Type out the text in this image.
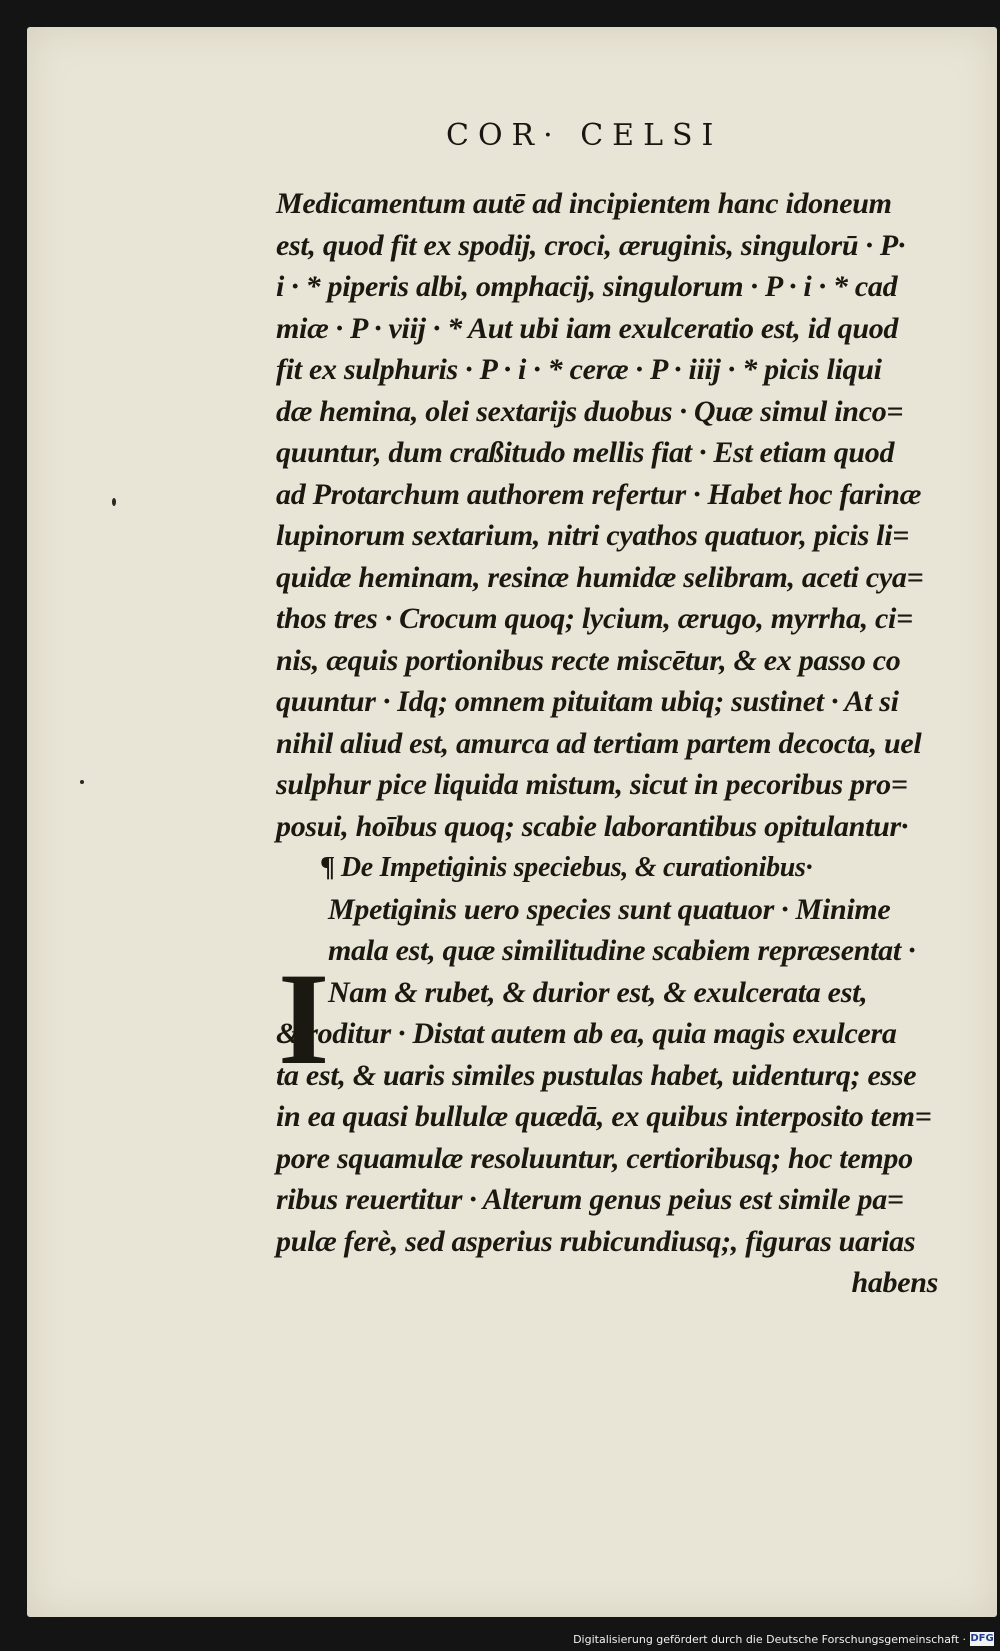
COR· CELSI
Medicamentum autē ad incipientem hanc idoneum
est, quod fit ex spodij, croci, æruginis, singulorū · P·
i · * piperis albi, omphacij, singulorum · P · i · * cad
miæ · P · viij · * Aut ubi iam exulceratio est, id quod
fit ex sulphuris · P · i · * ceræ · P · iiij · * picis liqui
dæ hemina, olei sextarijs duobus · Quæ simul inco=
quuntur, dum craßitudo mellis fiat · Est etiam quod
ad Protarchum authorem refertur · Habet hoc farinæ
lupinorum sextarium, nitri cyathos quatuor, picis li=
quidæ heminam, resinæ humidæ selibram, aceti cya=
thos tres · Crocum quoq; lycium, ærugo, myrrha, ci=
nis, æquis portionibus recte miscētur, & ex passo co
quuntur · Idq; omnem pituitam ubiq; sustinet · At si
nihil aliud est, amurca ad tertiam partem decocta, uel
sulphur pice liquida mistum, sicut in pecoribus pro=
posui, hoībus quoq; scabie laborantibus opitulantur·
¶ De Impetiginis speciebus, & curationibus·
Mpetiginis uero species sunt quatuor · Minime
mala est, quæ similitudine scabiem repræsentat ·
Nam & rubet, & durior est, & exulcerata est,
& roditur · Distat autem ab ea, quia magis exulcera
ta est, & uaris similes pustulas habet, uidenturq; esse
in ea quasi bullulæ quædā, ex quibus interposito tem=
pore squamulæ resoluuntur, certioribusq; hoc tempo
ribus reuertitur · Alterum genus peius est simile pa=
pulæ ferè, sed asperius rubicundiusq;, figuras uarias
habens
I
Digitalisierung gefördert durch die Deutsche Forschungsgemeinschaft · DFG
